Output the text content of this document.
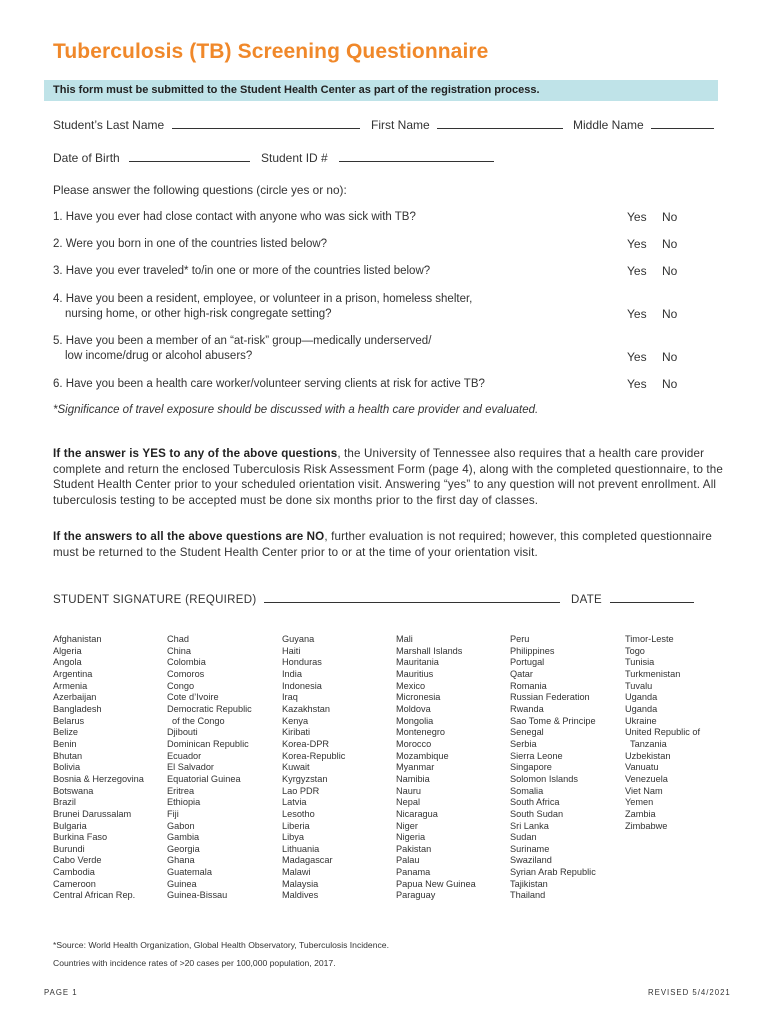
Tuberculosis (TB) Screening Questionnaire
This form must be submitted to the Student Health Center as part of the registration process.
Student’s Last Name	First Name	Middle Name
Date of Birth	Student ID #
Please answer the following questions (circle yes or no):
1. Have you ever had close contact with anyone who was sick with TB?	Yes No
2. Were you born in one of the countries listed below?	Yes No
3. Have you ever traveled* to/in one or more of the countries listed below?	Yes No
4. Have you been a resident, employee, or volunteer in a prison, homeless shelter,
nursing home, or other high-risk congregate setting?	Yes No
5. Have you been a member of an “at-risk” group—medically underserved/
low income/drug or alcohol abusers?	Yes No
6. Have you been a health care worker/volunteer serving clients at risk for active TB?	Yes No
*Significance of travel exposure should be discussed with a health care provider and evaluated.
If the answer is YES to any of the above questions, the University of Tennessee also requires that a health care provider complete and return the enclosed Tuberculosis Risk Assessment Form (page 4), along with the completed questionnaire, to the Student Health Center prior to your scheduled orientation visit. Answering “yes” to any question will not prevent enrollment. All tuberculosis testing to be accepted must be done six months prior to the first day of classes.
If the answers to all the above questions are NO, further evaluation is not required; however, this completed questionnaire must be returned to the Student Health Center prior to or at the time of your orientation visit.
STUDENT SIGNATURE (REQUIRED)	DATE
Afghanistan
Algeria
Angola
Argentina
Armenia
Azerbaijan
Bangladesh
Belarus
Belize
Benin
Bhutan
Bolivia
Bosnia & Herzegovina
Botswana
Brazil
Brunei Darussalam
Bulgaria
Burkina Faso
Burundi
Cabo Verde
Cambodia
Cameroon
Central African Rep.
Chad
China
Colombia
Comoros
Congo
Cote d’Ivoire
Democratic Republic
of the Congo
Djibouti
Dominican Republic
Ecuador
El Salvador
Equatorial Guinea
Eritrea
Ethiopia
Fiji
Gabon
Gambia
Georgia
Ghana
Guatemala
Guinea
Guinea-Bissau
Guyana
Haiti
Honduras
India
Indonesia
Iraq
Kazakhstan
Kenya
Kiribati
Korea-DPR
Korea-Republic
Kuwait
Kyrgyzstan
Lao PDR
Latvia
Lesotho
Liberia
Libya
Lithuania
Madagascar
Malawi
Malaysia
Maldives
Mali
Marshall Islands
Mauritania
Mauritius
Mexico
Micronesia
Moldova
Mongolia
Montenegro
Morocco
Mozambique
Myanmar
Namibia
Nauru
Nepal
Nicaragua
Niger
Nigeria
Pakistan
Palau
Panama
Papua New Guinea
Paraguay
Peru
Philippines
Portugal
Qatar
Romania
Russian Federation
Rwanda
Sao Tome & Principe
Senegal
Serbia
Sierra Leone
Singapore
Solomon Islands
Somalia
South Africa
South Sudan
Sri Lanka
Sudan
Suriname
Swaziland
Syrian Arab Republic
Tajikistan
Thailand
Timor-Leste
Togo
Tunisia
Turkmenistan
Tuvalu
Uganda
Uganda
Ukraine
United Republic of
Tanzania
Uzbekistan
Vanuatu
Venezuela
Viet Nam
Yemen
Zambia
Zimbabwe
*Source: World Health Organization, Global Health Observatory, Tuberculosis Incidence.
Countries with incidence rates of >20 cases per 100,000 population, 2017.
PAGE 1	REVISED 5/4/2021
